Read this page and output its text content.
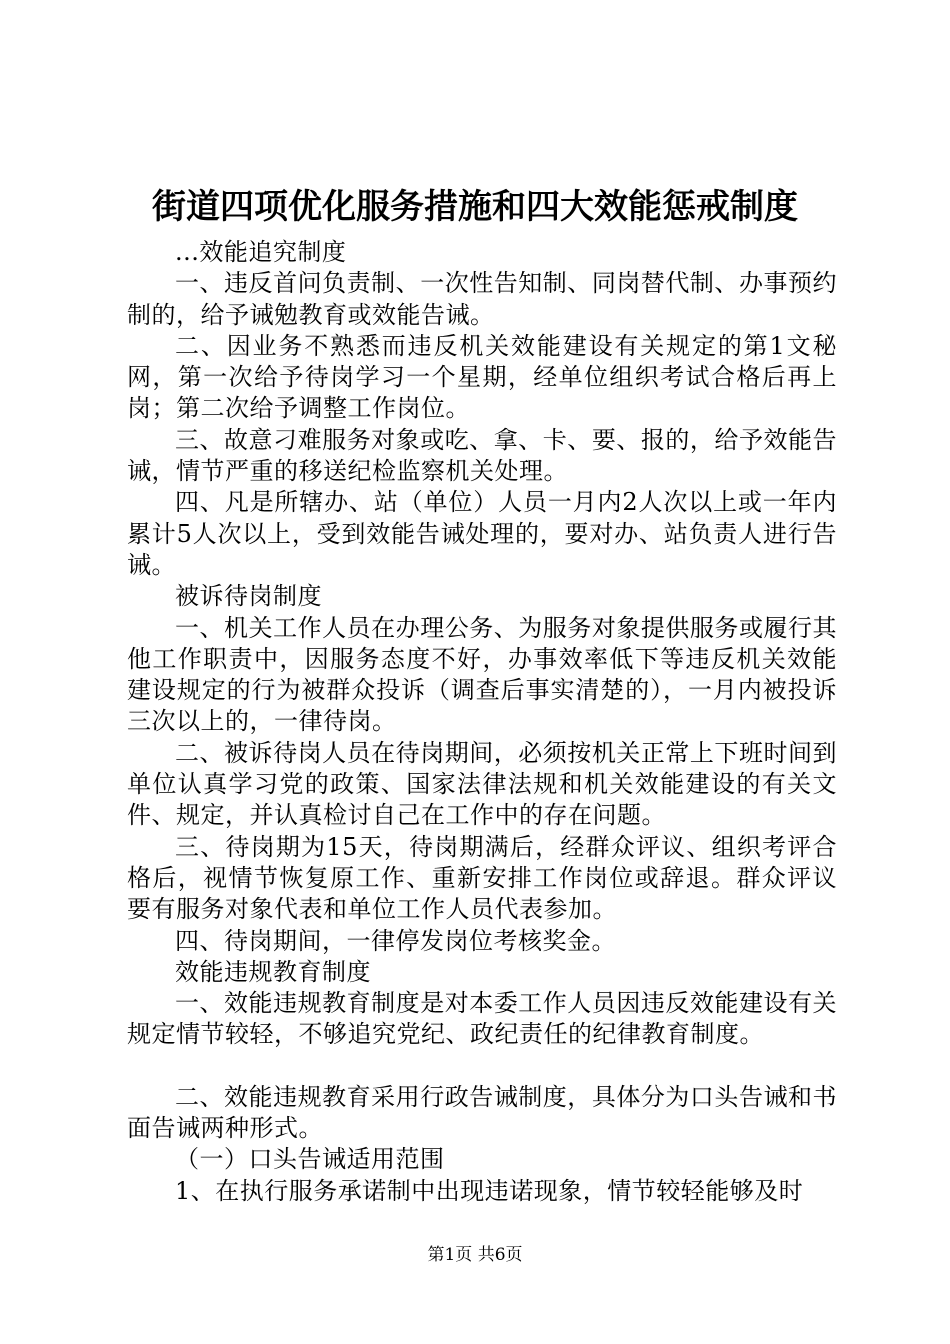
街道四项优化服务措施和四大效能惩戒制度

...效能追究制度

一、违反首问负责制、一次性告知制、同岗替代制、办事预约制的，给予诫勉教育或效能告诫。

二、因业务不熟悉而违反机关效能建设有关规定的第1文秘网，第一次给予待岗学习一个星期，经单位组织考试合格后再上岗；第二次给予调整工作岗位。

三、故意刁难服务对象或吃、拿、卡、要、报的，给予效能告诫，情节严重的移送纪检监察机关处理。

四、凡是所辖办、站（单位）人员一月内2人次以上或一年内累计5人次以上，受到效能告诫处理的，要对办、站负责人进行告诫。

被诉待岗制度

一、机关工作人员在办理公务、为服务对象提供服务或履行其他工作职责中，因服务态度不好，办事效率低下等违反机关效能建设规定的行为被群众投诉（调查后事实清楚的），一月内被投诉三次以上的，一律待岗。

二、被诉待岗人员在待岗期间，必须按机关正常上下班时间到单位认真学习党的政策、国家法律法规和机关效能建设的有关文件、规定，并认真检讨自己在工作中的存在问题。

三、待岗期为15天，待岗期满后，经群众评议、组织考评合格后，视情节恢复原工作、重新安排工作岗位或辞退。群众评议要有服务对象代表和单位工作人员代表参加。

四、待岗期间，一律停发岗位考核奖金。

效能违规教育制度

一、效能违规教育制度是对本委工作人员因违反效能建设有关规定情节较轻，不够追究党纪、政纪责任的纪律教育制度。

二、效能违规教育采用行政告诫制度，具体分为口头告诫和书面告诫两种形式。

（一）口头告诫适用范围

1、在执行服务承诺制中出现违诺现象，情节较轻能够及时

第1页 共6页
